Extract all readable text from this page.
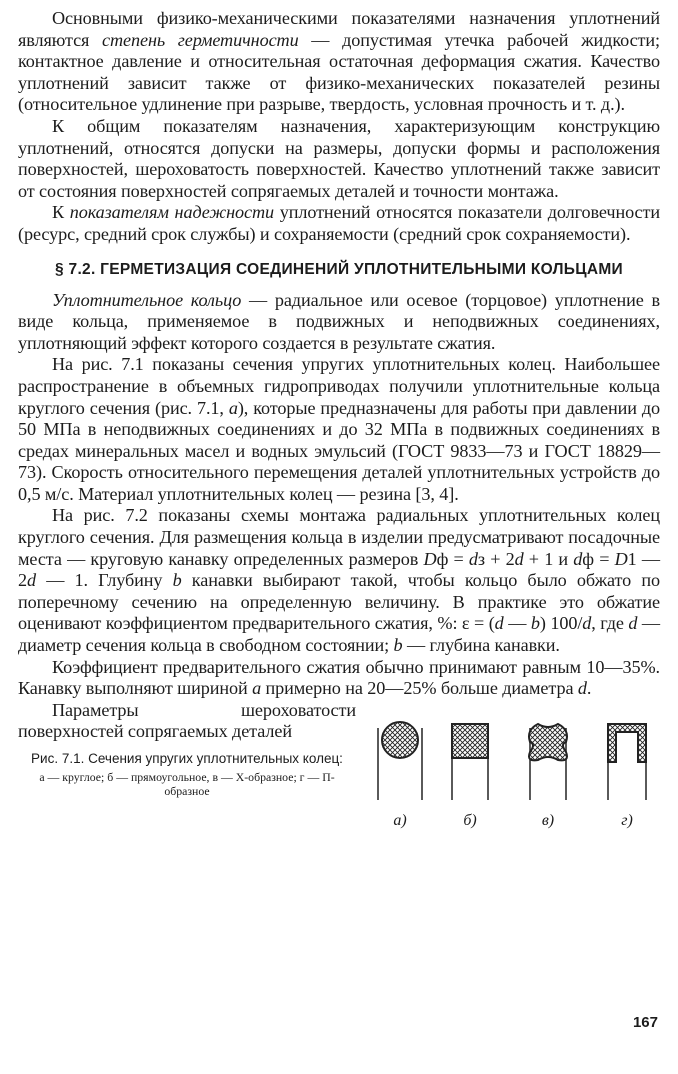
Основными физико-механическими показателями назначения уплотнений являются степень герметичности — допустимая утечка рабочей жидкости; контактное давление и относительная остаточная деформация сжатия. Качество уплотнений зависит также от физико-механических показателей резины (относительное удлинение при разрыве, твердость, условная прочность и т. д.).

К общим показателям назначения, характеризующим конструкцию уплотнений, относятся допуски на размеры, допуски формы и расположения поверхностей, шероховатость поверхностей. Качество уплотнений также зависит от состояния поверхностей сопрягаемых деталей и точности монтажа.

К показателям надежности уплотнений относятся показатели долговечности (ресурс, средний срок службы) и сохраняемости (средний срок сохраняемости).

§ 7.2. ГЕРМЕТИЗАЦИЯ СОЕДИНЕНИЙ УПЛОТНИТЕЛЬНЫМИ КОЛЬЦАМИ

Уплотнительное кольцо — радиальное или осевое (торцовое) уплотнение в виде кольца, применяемое в подвижных и неподвижных соединениях, уплотняющий эффект которого создается в результате сжатия.

На рис. 7.1 показаны сечения упругих уплотнительных колец. Наибольшее распространение в объемных гидроприводах получили уплотнительные кольца круглого сечения (рис. 7.1, а), которые предназначены для работы при давлении до 50 МПа в неподвижных соединениях и до 32 МПа в подвижных соединениях в средах минеральных масел и водных эмульсий (ГОСТ 9833—73 и ГОСТ 18829—73). Скорость относительного перемещения деталей уплотнительных устройств до 0,5 м/с. Материал уплотнительных колец — резина [3, 4].

На рис. 7.2 показаны схемы монтажа радиальных уплотнительных колец круглого сечения. Для размещения кольца в изделии предусматривают посадочные места — круговую канавку определенных размеров Dф = dз + 2d + 1 и dф = D1 — 2d — 1. Глубину b канавки выбирают такой, чтобы кольцо было обжато по поперечному сечению на определенную величину. В практике это обжатие оценивают коэффициентом предварительного сжатия, %: ε = (d — b) 100/d, где d — диаметр сечения кольца в свободном состоянии; b — глубина канавки.

Коэффициент предварительного сжатия обычно принимают равным 10—35%. Канавку выполняют шириной a примерно на 20—25% больше диаметра d.

Параметры шероховатости поверхностей сопрягаемых деталей

Рис. 7.1. Сечения упругих уплотнительных колец:
а — круглое; б — прямоугольное, в — Х-образное; г — П-образное
а)	б)	в)	г)
167
